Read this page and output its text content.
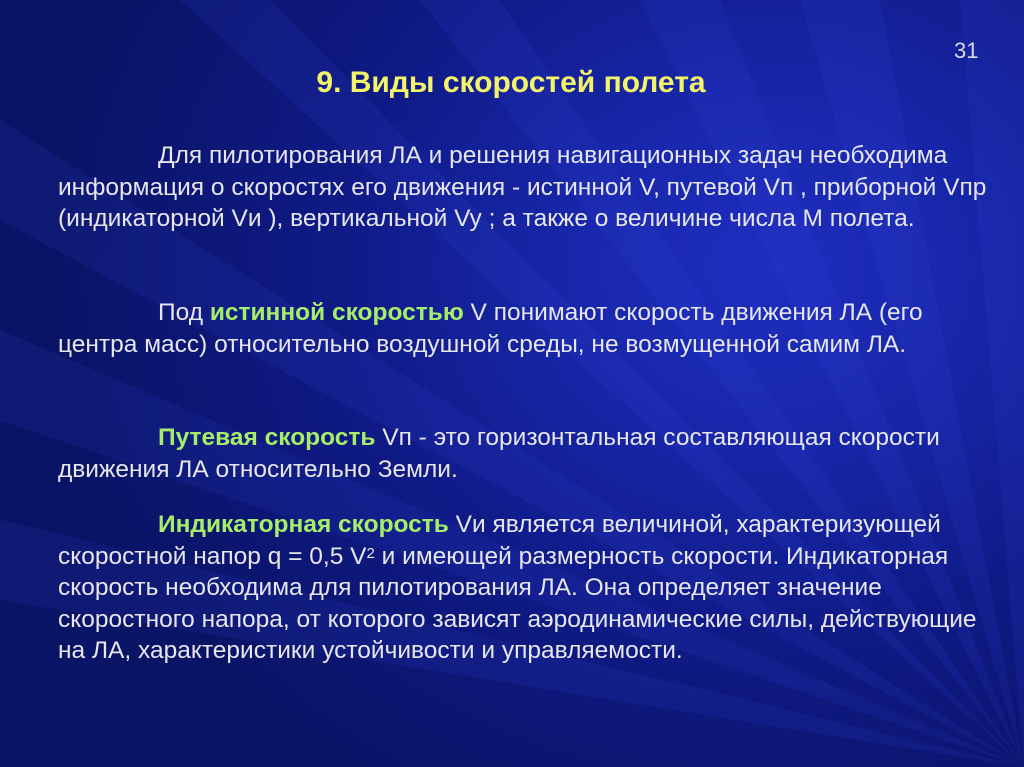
31
9. Виды скоростей полета
Для пилотирования ЛА и решения навигационных задач необходима информация о скоростях его движения - истинной V, путевой Vп , приборной Vпр (индикаторной Vи ), вертикальной Vy ; а также о величине числа М полета.
Под истинной скоростью V понимают скорость движения ЛА (его центра масс) относительно воздушной среды, не возмущенной самим ЛА.
Путевая скорость Vп - это горизонтальная составляющая скорости движения ЛА относительно Земли.
Индикаторная скорость Vи является величиной, характеризующей скоростной напор q = 0,5 $V^2$ и имеющей размерность скорости. Индикаторная скорость необходима для пилотирования ЛА. Она определяет значение скоростного напора, от которого зависят аэродинамические силы, действующие на ЛА, характеристики устойчивости и управляемости.
